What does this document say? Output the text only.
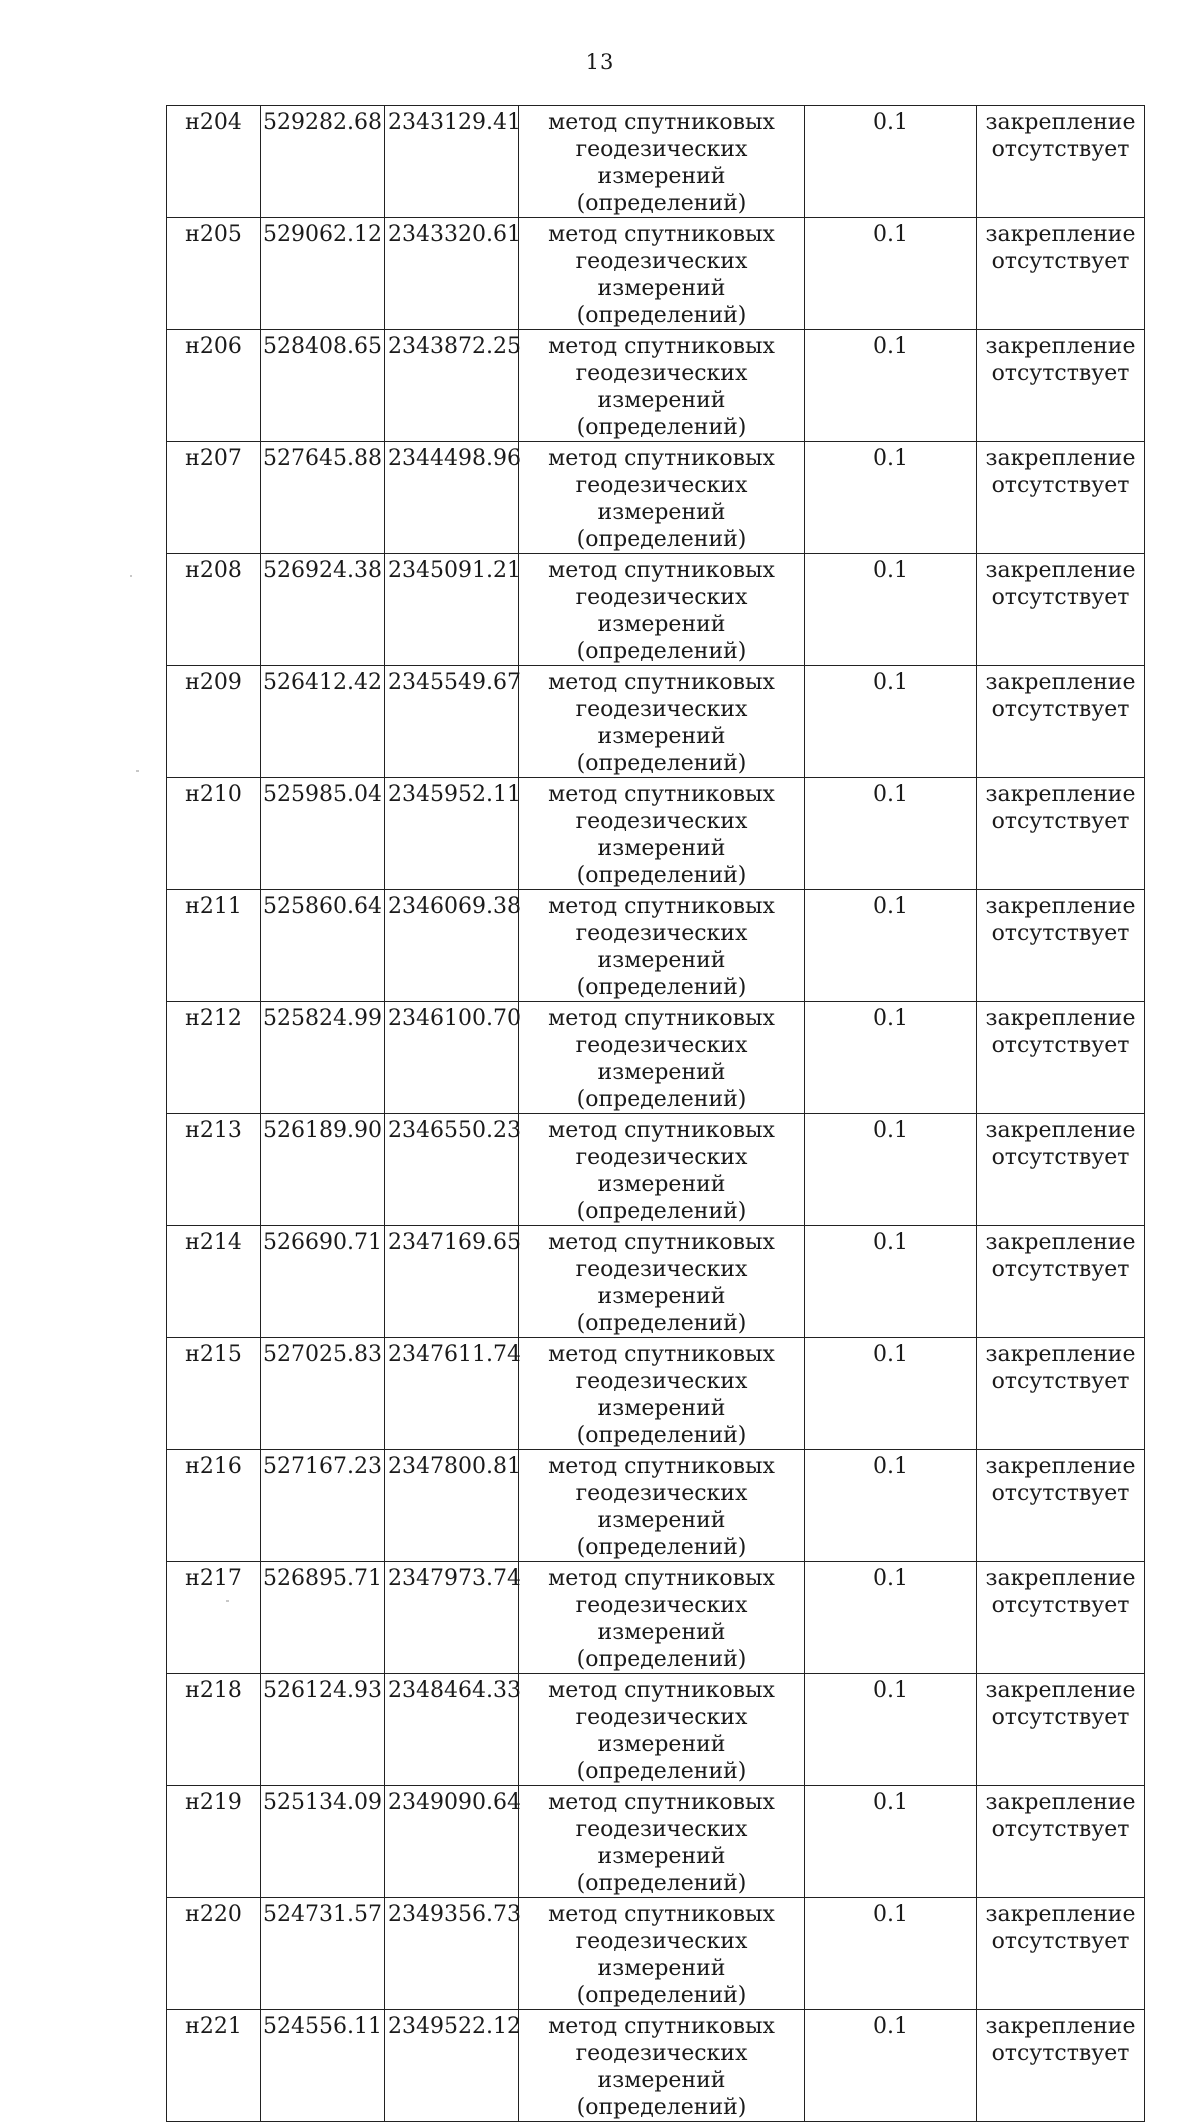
13
н204	529282.68	2343129.41	метод спутниковых
геодезических измерений
(определений)	0.1	закрепление
отсутствует

н205	529062.12	2343320.61	метод спутниковых
геодезических измерений
(определений)	0.1	закрепление
отсутствует

н206	528408.65	2343872.25	метод спутниковых
геодезических измерений
(определений)	0.1	закрепление
отсутствует

н207	527645.88	2344498.96	метод спутниковых
геодезических измерений
(определений)	0.1	закрепление
отсутствует

н208	526924.38	2345091.21	метод спутниковых
геодезических измерений
(определений)	0.1	закрепление
отсутствует

н209	526412.42	2345549.67	метод спутниковых
геодезических измерений
(определений)	0.1	закрепление
отсутствует

н210	525985.04	2345952.11	метод спутниковых
геодезических измерений
(определений)	0.1	закрепление
отсутствует

н211	525860.64	2346069.38	метод спутниковых
геодезических измерений
(определений)	0.1	закрепление
отсутствует

н212	525824.99	2346100.70	метод спутниковых
геодезических измерений
(определений)	0.1	закрепление
отсутствует

н213	526189.90	2346550.23	метод спутниковых
геодезических измерений
(определений)	0.1	закрепление
отсутствует

н214	526690.71	2347169.65	метод спутниковых
геодезических измерений
(определений)	0.1	закрепление
отсутствует

н215	527025.83	2347611.74	метод спутниковых
геодезических измерений
(определений)	0.1	закрепление
отсутствует

н216	527167.23	2347800.81	метод спутниковых
геодезических измерений
(определений)	0.1	закрепление
отсутствует

н217	526895.71	2347973.74	метод спутниковых
геодезических измерений
(определений)	0.1	закрепление
отсутствует

н218	526124.93	2348464.33	метод спутниковых
геодезических измерений
(определений)	0.1	закрепление
отсутствует

н219	525134.09	2349090.64	метод спутниковых
геодезических измерений
(определений)	0.1	закрепление
отсутствует

н220	524731.57	2349356.73	метод спутниковых
геодезических измерений
(определений)	0.1	закрепление
отсутствует

н221	524556.11	2349522.12	метод спутниковых
геодезических измерений
(определений)	0.1	закрепление
отсутствует
